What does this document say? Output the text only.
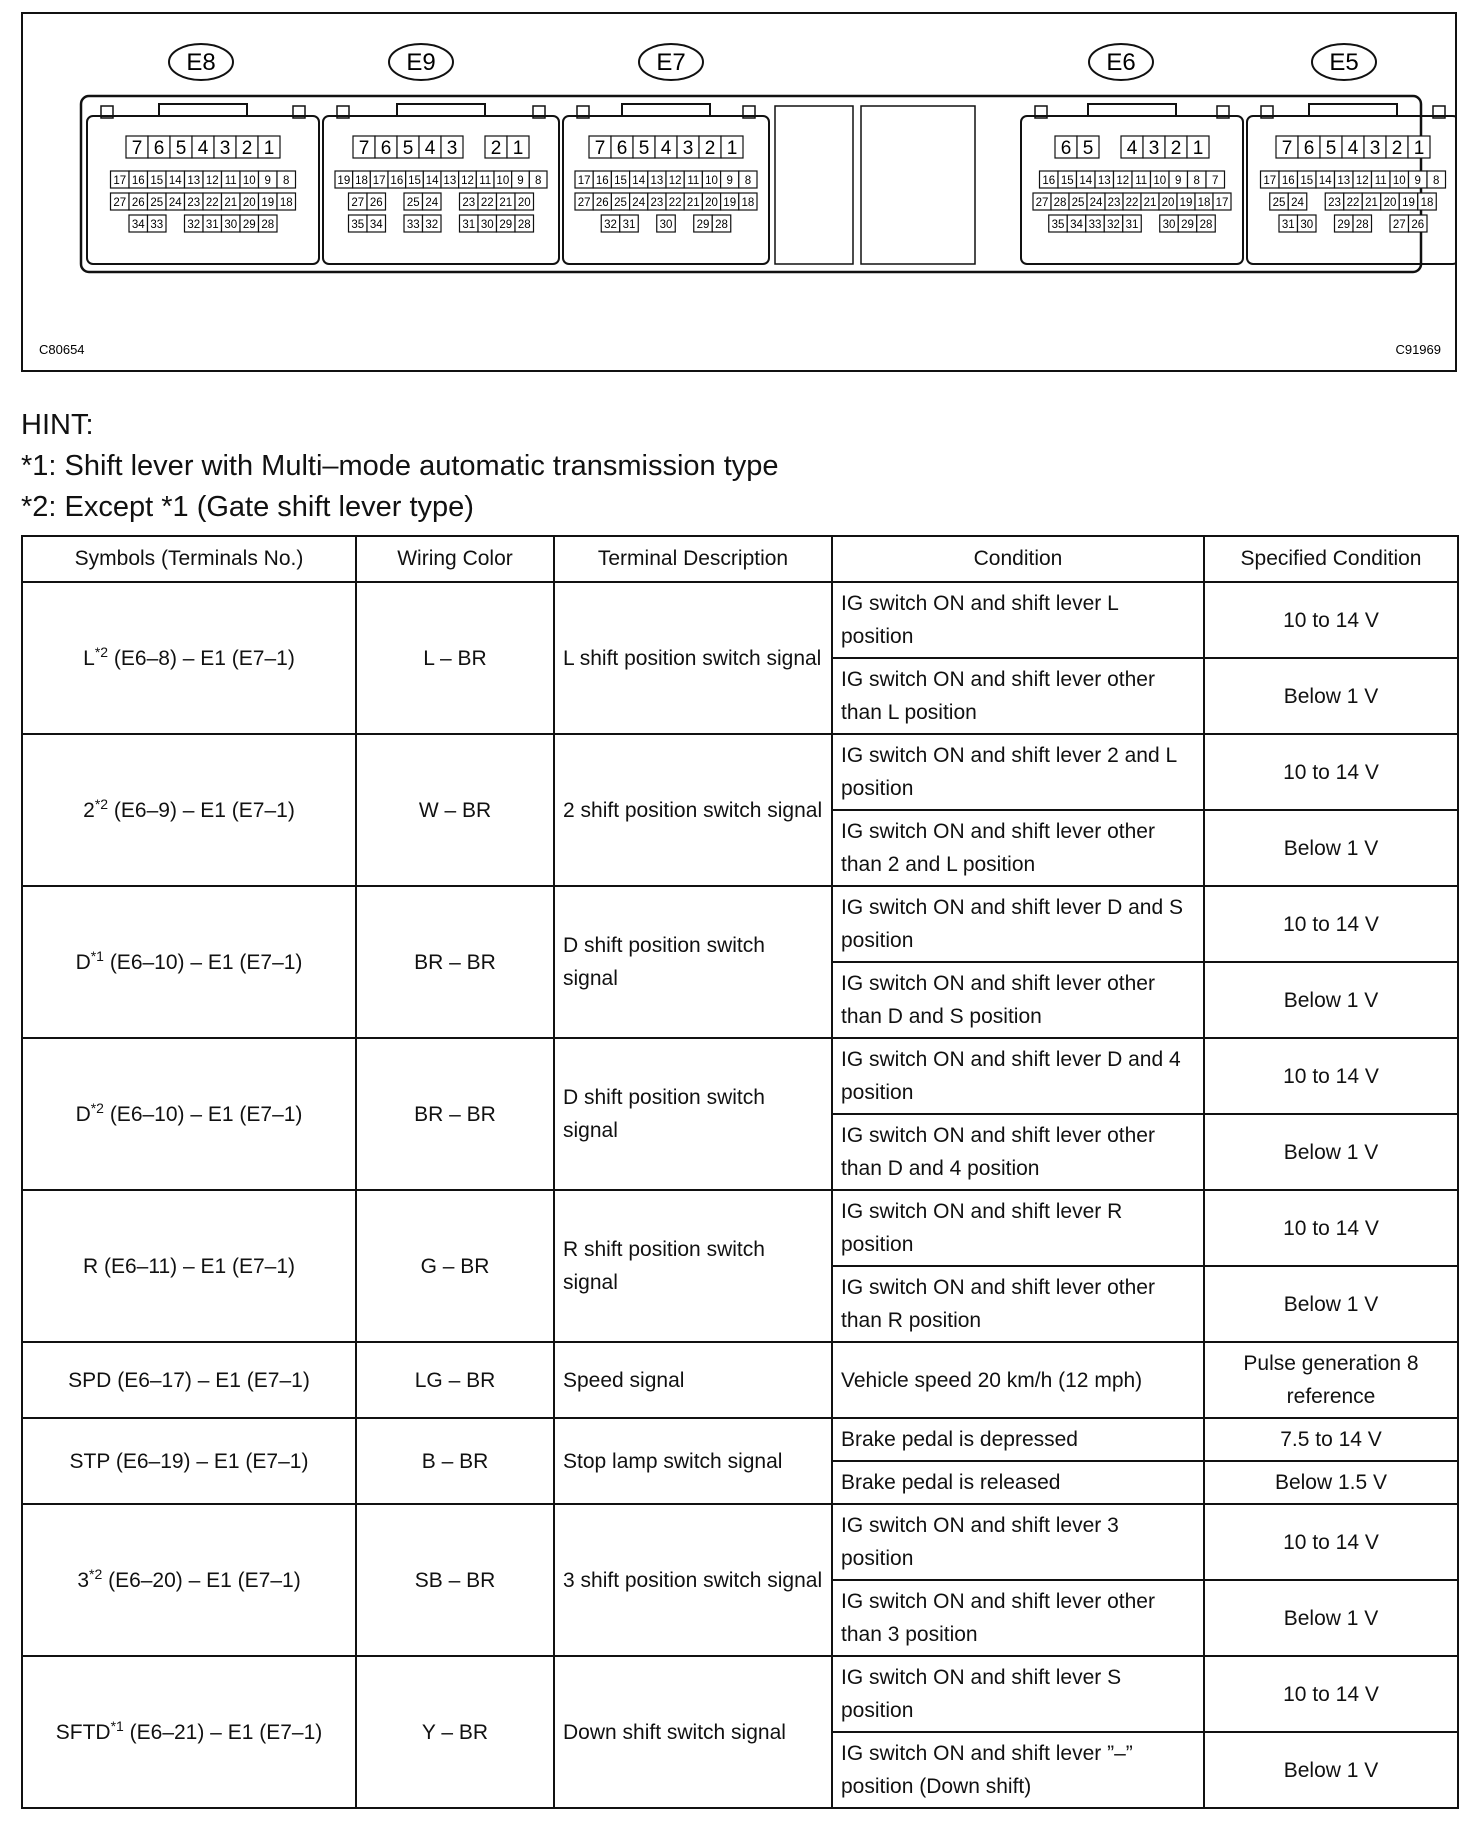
E8
7 6 5 4 3 2 1
17 16 15 14 13 12 11 10 9 8
27 26 25 24 23 22 21 20 19 18
34 33 32 31 30 29 28
E9
7 6 5 4 3 2 1
19 18 17 16 15 14 13 12 11 10 9 8
27 26 25 24 23 22 21 20
35 34 33 32 31 30 29 28
E7
7 6 5 4 3 2 1
17 16 15 14 13 12 11 10 9 8
27 26 25 24 23 22 21 20 19 18
32 31 30 29 28
E6
6 5 4 3 2 1
16 15 14 13 12 11 10 9 8 7
27 28 25 24 23 22 21 20 19 18 17
35 34 33 32 31 30 29 28
E5
7 6 5 4 3 2 1
17 16 15 14 13 12 11 10 9 8
25 24 23 22 21 20 19 18
31 30 29 28 27 26
C80654	C91969
HINT:
*1: Shift lever with Multi–mode automatic transmission type
*2: Except *1 (Gate shift lever type)
Symbols (Terminals No.)	Wiring Color	Terminal Description	Condition	Specified Condition
$L^{*2}$ (E6–8) – E1 (E7–1)	L – BR	L shift position switch signal	IG switch ON and shift lever L position	10 to 14 V
			IG switch ON and shift lever other than L position	Below 1 V
2$^{*2}$ (E6–9) – E1 (E7–1)	W – BR	2 shift position switch signal	IG switch ON and shift lever 2 and L position	10 to 14 V
			IG switch ON and shift lever other than 2 and L position	Below 1 V
$D^{*1}$ (E6–10) – E1 (E7–1)	BR – BR	D shift position switch signal	IG switch ON and shift lever D and S position	10 to 14 V
			IG switch ON and shift lever other than D and S position	Below 1 V
$D^{*2}$ (E6–10) – E1 (E7–1)	BR – BR	D shift position switch signal	IG switch ON and shift lever D and 4 position	10 to 14 V
			IG switch ON and shift lever other than D and 4 position	Below 1 V
R (E6–11) – E1 (E7–1)	G – BR	R shift position switch signal	IG switch ON and shift lever R position	10 to 14 V
			IG switch ON and shift lever other than R position	Below 1 V
SPD (E6–17) – E1 (E7–1)	LG – BR	Speed signal	Vehicle speed 20 km/h (12 mph)	Pulse generation 8 reference
STP (E6–19) – E1 (E7–1)	B – BR	Stop lamp switch signal	Brake pedal is depressed	7.5 to 14 V
			Brake pedal is released	Below 1.5 V
3$^{*2}$ (E6–20) – E1 (E7–1)	SB – BR	3 shift position switch signal	IG switch ON and shift lever 3 position	10 to 14 V
			IG switch ON and shift lever other than 3 position	Below 1 V
SFTD$^{*1}$ (E6–21) – E1 (E7–1)	Y – BR	Down shift switch signal	IG switch ON and shift lever S position	10 to 14 V
			IG switch ON and shift lever ”–” position (Down shift)	Below 1 V
